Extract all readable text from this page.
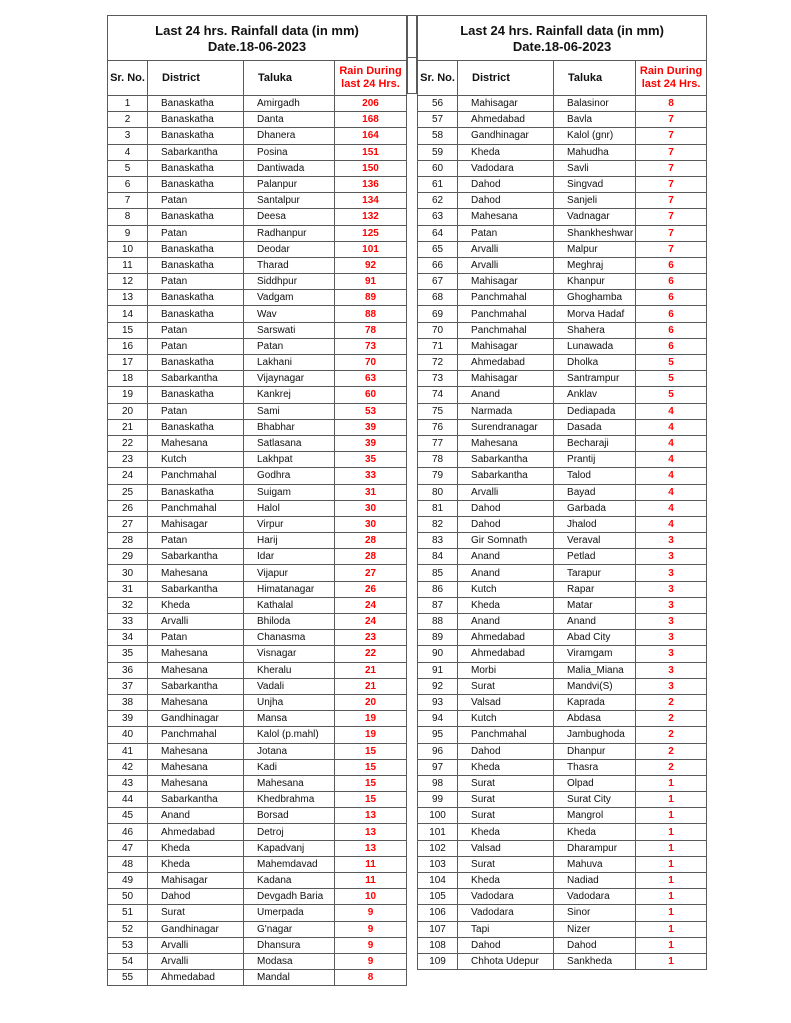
Last 24 hrs. Rainfall data (in mm)
Date.18-06-2023			

Sr. No.	District	Taluka	Rain During
last 24 Hrs.

1	Banaskatha	Amirgadh	206
2	Banaskatha	Danta	168
3	Banaskatha	Dhanera	164
4	Sabarkantha	Posina	151
5	Banaskatha	Dantiwada	150
6	Banaskatha	Palanpur	136
7	Patan	Santalpur	134
8	Banaskatha	Deesa	132
9	Patan	Radhanpur	125
10	Banaskatha	Deodar	101
11	Banaskatha	Tharad	92
12	Patan	Siddhpur	91
13	Banaskatha	Vadgam	89
14	Banaskatha	Wav	88
15	Patan	Sarswati	78
16	Patan	Patan	73
17	Banaskatha	Lakhani	70
18	Sabarkantha	Vijaynagar	63
19	Banaskatha	Kankrej	60
20	Patan	Sami	53
21	Banaskatha	Bhabhar	39
22	Mahesana	Satlasana	39
23	Kutch	Lakhpat	35
24	Panchmahal	Godhra	33
25	Banaskatha	Suigam	31
26	Panchmahal	Halol	30
27	Mahisagar	Virpur	30
28	Patan	Harij	28
29	Sabarkantha	Idar	28
30	Mahesana	Vijapur	27
31	Sabarkantha	Himatanagar	26
32	Kheda	Kathalal	24
33	Arvalli	Bhiloda	24
34	Patan	Chanasma	23
35	Mahesana	Visnagar	22
36	Mahesana	Kheralu	21
37	Sabarkantha	Vadali	21
38	Mahesana	Unjha	20
39	Gandhinagar	Mansa	19
40	Panchmahal	Kalol (p.mahl)	19
41	Mahesana	Jotana	15
42	Mahesana	Kadi	15
43	Mahesana	Mahesana	15
44	Sabarkantha	Khedbrahma	15
45	Anand	Borsad	13
46	Ahmedabad	Detroj	13
47	Kheda	Kapadvanj	13
48	Kheda	Mahemdavad	11
49	Mahisagar	Kadana	11
50	Dahod	Devgadh Baria	10
51	Surat	Umerpada	9
52	Gandhinagar	G'nagar	9
53	Arvalli	Dhansura	9
54	Arvalli	Modasa	9
55	Ahmedabad	Mandal	8
Last 24 hrs. Rainfall data (in mm)
Date.18-06-2023			

Sr. No.	District	Taluka	Rain During
last 24 Hrs.

56	Mahisagar	Balasinor	8
57	Ahmedabad	Bavla	7
58	Gandhinagar	Kalol (gnr)	7
59	Kheda	Mahudha	7
60	Vadodara	Savli	7
61	Dahod	Singvad	7
62	Dahod	Sanjeli	7
63	Mahesana	Vadnagar	7
64	Patan	Shankheshwar	7
65	Arvalli	Malpur	7
66	Arvalli	Meghraj	6
67	Mahisagar	Khanpur	6
68	Panchmahal	Ghoghamba	6
69	Panchmahal	Morva Hadaf	6
70	Panchmahal	Shahera	6
71	Mahisagar	Lunawada	6
72	Ahmedabad	Dholka	5
73	Mahisagar	Santrampur	5
74	Anand	Anklav	5
75	Narmada	Dediapada	4
76	Surendranagar	Dasada	4
77	Mahesana	Becharaji	4
78	Sabarkantha	Prantij	4
79	Sabarkantha	Talod	4
80	Arvalli	Bayad	4
81	Dahod	Garbada	4
82	Dahod	Jhalod	4
83	Gir Somnath	Veraval	3
84	Anand	Petlad	3
85	Anand	Tarapur	3
86	Kutch	Rapar	3
87	Kheda	Matar	3
88	Anand	Anand	3
89	Ahmedabad	Abad City	3
90	Ahmedabad	Viramgam	3
91	Morbi	Malia_Miana	3
92	Surat	Mandvi(S)	3
93	Valsad	Kaprada	2
94	Kutch	Abdasa	2
95	Panchmahal	Jambughoda	2
96	Dahod	Dhanpur	2
97	Kheda	Thasra	2
98	Surat	Olpad	1
99	Surat	Surat City	1
100	Surat	Mangrol	1
101	Kheda	Kheda	1
102	Valsad	Dharampur	1
103	Surat	Mahuva	1
104	Kheda	Nadiad	1
105	Vadodara	Vadodara	1
106	Vadodara	Sinor	1
107	Tapi	Nizer	1
108	Dahod	Dahod	1
109	Chhota Udepur	Sankheda	1
